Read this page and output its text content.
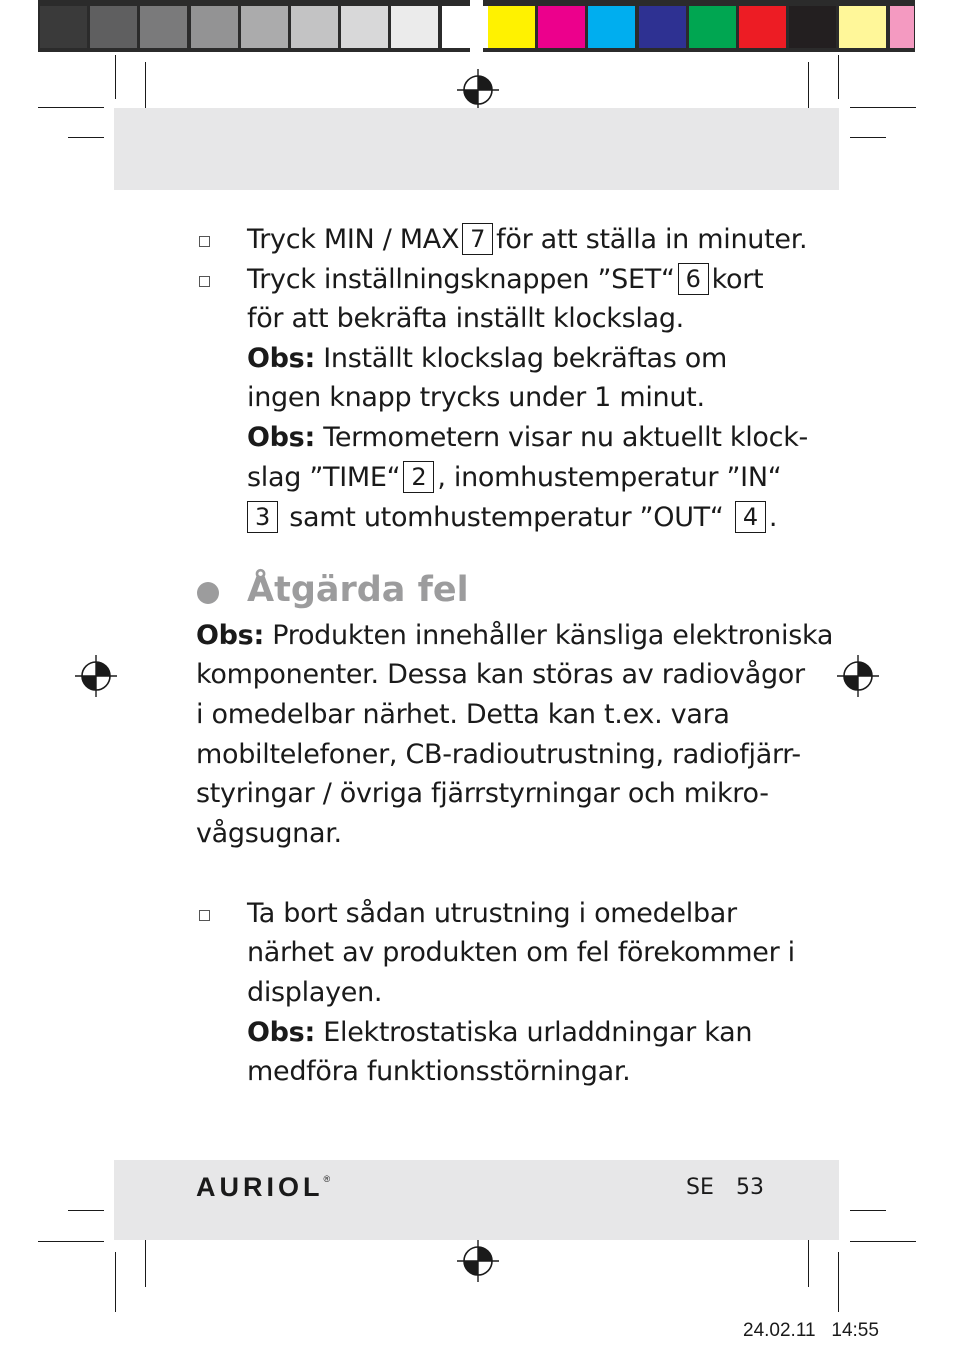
Tryck MIN / MAX 7 för att ställa in minuter.
Tryck inställningsknappen ”SET“ 6 kort
för att bekräfta inställt klockslag.
Obs: Inställt klockslag bekräftas om
ingen knapp trycks under 1 minut.
Obs: Termometern visar nu aktuellt klock-
slag ”TIME“ 2 , inomhustemperatur ”IN“
3 samt utomhustemperatur ”OUT“ 4 .
Åtgärda fel
Obs: Produkten innehåller känsliga elektroniska
komponenter. Dessa kan störas av radiovågor
i omedelbar närhet. Detta kan t.ex. vara
mobiltelefoner, CB-radioutrustning, radiofjärr-
styringar / övriga fjärrstyrningar och mikro-
vågsugnar.
Ta bort sådan utrustning i omedelbar
närhet av produkten om fel förekommer i
displayen.
Obs: Elektrostatiska urladdningar kan
medföra funktionsstörningar.
AURIOL®	SE 53
24.02.11   14:55
